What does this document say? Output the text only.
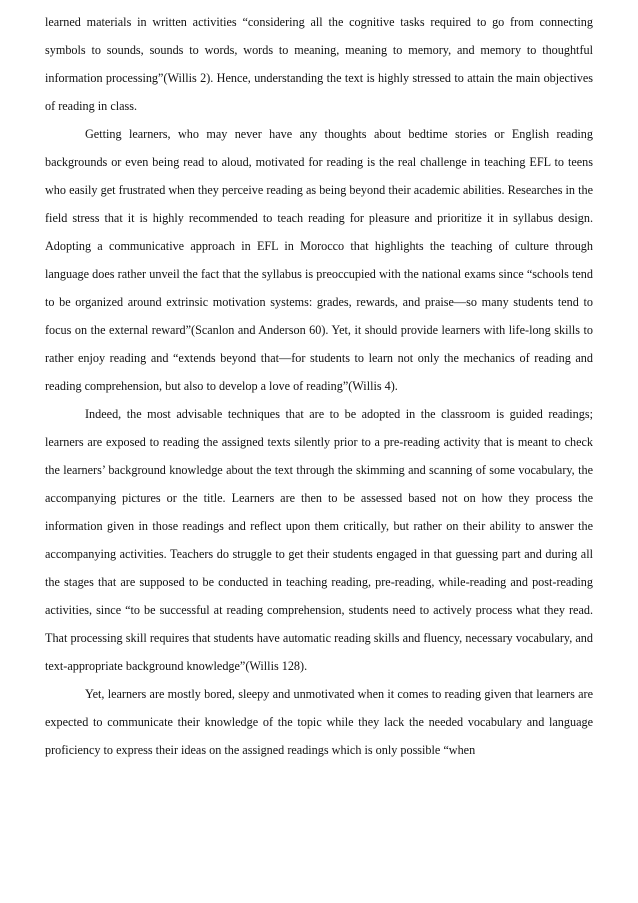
learned materials in written activities “considering all the cognitive tasks required to go from connecting symbols to sounds, sounds to words, words to meaning, meaning to memory, and memory to thoughtful information processing”(Willis 2). Hence, understanding the text is highly stressed to attain the main objectives of reading in class.

Getting learners, who may never have any thoughts about bedtime stories or English reading backgrounds or even being read to aloud, motivated for reading is the real challenge in teaching EFL to teens who easily get frustrated when they perceive reading as being beyond their academic abilities. Researches in the field stress that it is highly recommended to teach reading for pleasure and prioritize it in syllabus design. Adopting a communicative approach in EFL in Morocco that highlights the teaching of culture through language does rather unveil the fact that the syllabus is preoccupied with the national exams since “schools tend to be organized around extrinsic motivation systems: grades, rewards, and praise—so many students tend to focus on the external reward”(Scanlon and Anderson 60). Yet, it should provide learners with life-long skills to rather enjoy reading and “extends beyond that—for students to learn not only the mechanics of reading and reading comprehension, but also to develop a love of reading”(Willis 4).

Indeed, the most advisable techniques that are to be adopted in the classroom is guided readings; learners are exposed to reading the assigned texts silently prior to a pre-reading activity that is meant to check the learners’ background knowledge about the text through the skimming and scanning of some vocabulary, the accompanying pictures or the title. Learners are then to be assessed based not on how they process the information given in those readings and reflect upon them critically, but rather on their ability to answer the accompanying activities. Teachers do struggle to get their students engaged in that guessing part and during all the stages that are supposed to be conducted in teaching reading, pre-reading, while-reading and post-reading activities, since “to be successful at reading comprehension, students need to actively process what they read. That processing skill requires that students have automatic reading skills and fluency, necessary vocabulary, and text-appropriate background knowledge”(Willis 128).

Yet, learners are mostly bored, sleepy and unmotivated when it comes to reading given that learners are expected to communicate their knowledge of the topic while they lack the needed vocabulary and language proficiency to express their ideas on the assigned readings which is only possible “when
